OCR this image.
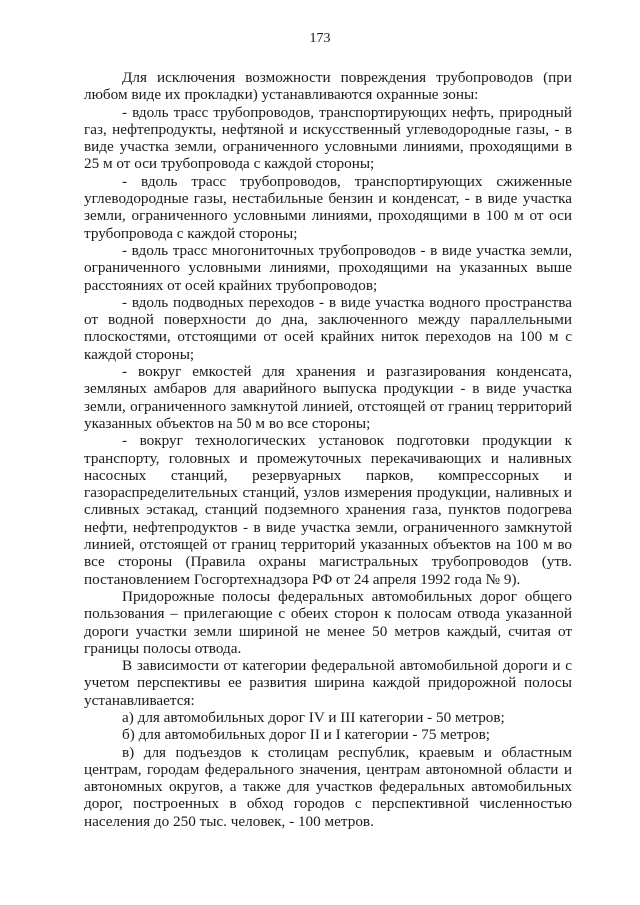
173

Для исключения возможности повреждения трубопроводов (при любом виде их прокладки) устанавливаются охранные зоны:

- вдоль трасс трубопроводов, транспортирующих нефть, природный газ, нефтепродукты, нефтяной и искусственный углеводородные газы, - в виде участка земли, ограниченного условными линиями, проходящими в 25 м от оси трубопровода с каждой стороны;

- вдоль трасс трубопроводов, транспортирующих сжиженные углеводородные газы, нестабильные бензин и конденсат, - в виде участка земли, ограниченного условными линиями, проходящими в 100 м от оси трубопровода с каждой стороны;

- вдоль трасс многониточных трубопроводов - в виде участка земли, ограниченного условными линиями, проходящими на указанных выше расстояниях от осей крайних трубопроводов;

- вдоль подводных переходов - в виде участка водного пространства от водной поверхности до дна, заключенного между параллельными плоскостями, отстоящими от осей крайних ниток переходов на 100 м с каждой стороны;

- вокруг емкостей для хранения и разгазирования конденсата, земляных амбаров для аварийного выпуска продукции - в виде участка земли, ограниченного замкнутой линией, отстоящей от границ территорий указанных объектов на 50 м во все стороны;

- вокруг технологических установок подготовки продукции к транспорту, головных и промежуточных перекачивающих и наливных насосных станций, резервуарных парков, компрессорных и газораспределительных станций, узлов измерения продукции, наливных и сливных эстакад, станций подземного хранения газа, пунктов подогрева нефти, нефтепродуктов - в виде участка земли, ограниченного замкнутой линией, отстоящей от границ территорий указанных объектов на 100 м во все стороны (Правила охраны магистральных трубопроводов (утв. постановлением Госгортехнадзора РФ от 24 апреля 1992 года № 9).

Придорожные полосы федеральных автомобильных дорог общего пользования – прилегающие с обеих сторон к полосам отвода указанной дороги участки земли шириной не менее 50 метров каждый, считая от границы полосы отвода.

В зависимости от категории федеральной автомобильной дороги и с учетом перспективы ее развития ширина каждой придорожной полосы устанавливается:

а) для автомобильных дорог IV и III категории - 50 метров;

б) для автомобильных дорог II и I категории - 75 метров;

в) для подъездов к столицам республик, краевым и областным центрам, городам федерального значения, центрам автономной области и автономных округов, а также для участков федеральных автомобильных дорог, построенных в обход городов с перспективной численностью населения до 250 тыс. человек, - 100 метров.
